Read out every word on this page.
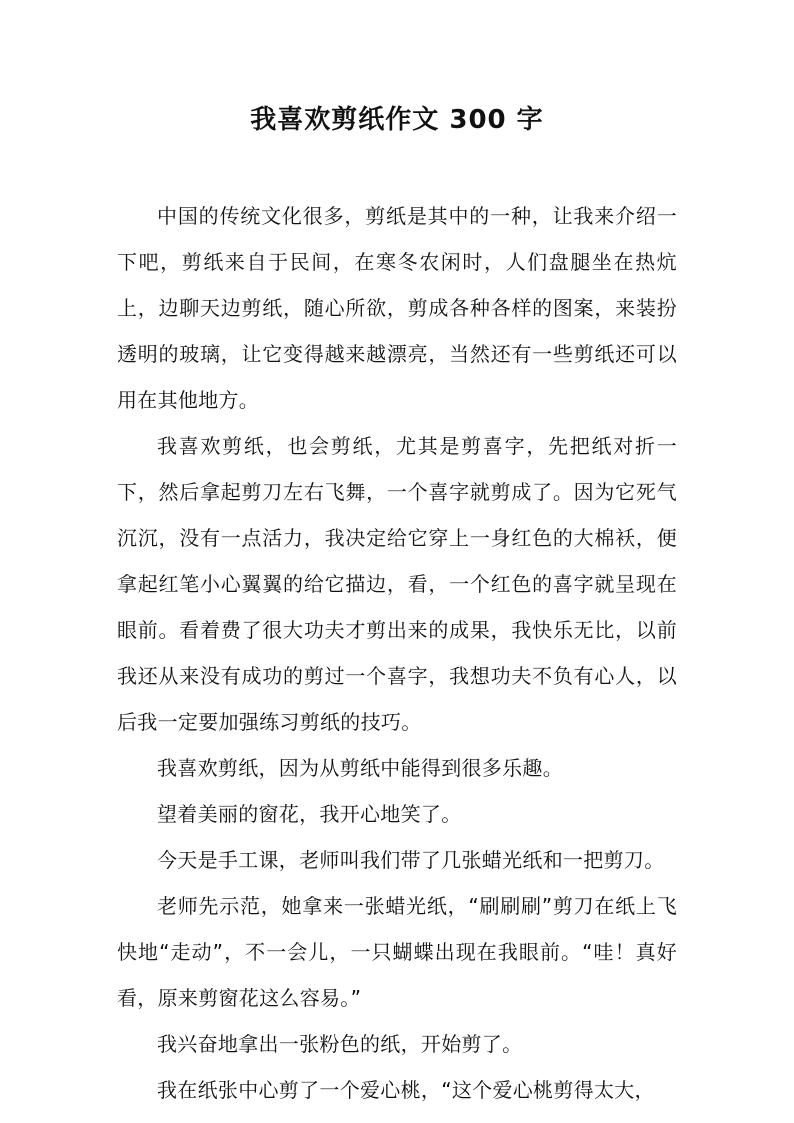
我喜欢剪纸作文 300 字

中国的传统文化很多，剪纸是其中的一种，让我来介绍一下吧，剪纸来自于民间，在寒冬农闲时，人们盘腿坐在热炕上，边聊天边剪纸，随心所欲，剪成各种各样的图案，来装扮透明的玻璃，让它变得越来越漂亮，当然还有一些剪纸还可以用在其他地方。

我喜欢剪纸，也会剪纸，尤其是剪喜字，先把纸对折一下，然后拿起剪刀左右飞舞，一个喜字就剪成了。因为它死气沉沉，没有一点活力，我决定给它穿上一身红色的大棉袄，便拿起红笔小心翼翼的给它描边，看，一个红色的喜字就呈现在眼前。看着费了很大功夫才剪出来的成果，我快乐无比，以前我还从来没有成功的剪过一个喜字，我想功夫不负有心人，以后我一定要加强练习剪纸的技巧。

我喜欢剪纸，因为从剪纸中能得到很多乐趣。

望着美丽的窗花，我开心地笑了。

今天是手工课，老师叫我们带了几张蜡光纸和一把剪刀。

老师先示范，她拿来一张蜡光纸，“刷刷刷”剪刀在纸上飞快地“走动”，不一会儿，一只蝴蝶出现在我眼前。“哇！真好看，原来剪窗花这么容易。”

我兴奋地拿出一张粉色的纸，开始剪了。

我在纸张中心剪了一个爱心桃，“这个爱心桃剪得太大，
